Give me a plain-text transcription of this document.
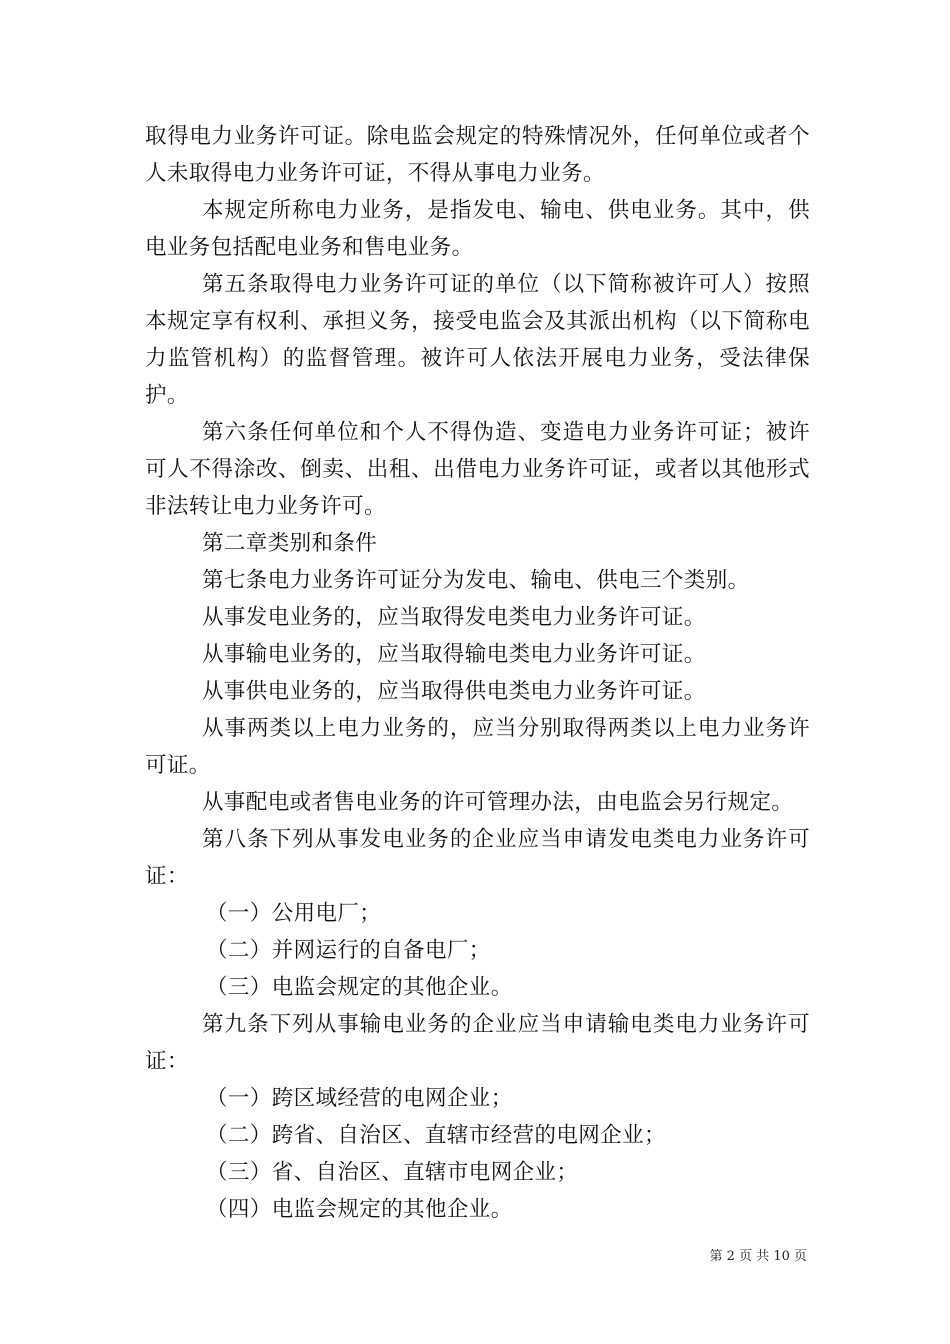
取得电力业务许可证。除电监会规定的特殊情况外，任何单位或者个人未取得电力业务许可证，不得从事电力业务。

本规定所称电力业务，是指发电、输电、供电业务。其中，供电业务包括配电业务和售电业务。

第五条取得电力业务许可证的单位（以下简称被许可人）按照本规定享有权利、承担义务，接受电监会及其派出机构（以下简称电力监管机构）的监督管理。被许可人依法开展电力业务，受法律保护。

第六条任何单位和个人不得伪造、变造电力业务许可证；被许可人不得涂改、倒卖、出租、出借电力业务许可证，或者以其他形式非法转让电力业务许可。

第二章类别和条件

第七条电力业务许可证分为发电、输电、供电三个类别。

从事发电业务的，应当取得发电类电力业务许可证。

从事输电业务的，应当取得输电类电力业务许可证。

从事供电业务的，应当取得供电类电力业务许可证。

从事两类以上电力业务的，应当分别取得两类以上电力业务许可证。

从事配电或者售电业务的许可管理办法，由电监会另行规定。

第八条下列从事发电业务的企业应当申请发电类电力业务许可证：

（一）公用电厂；

（二）并网运行的自备电厂；

（三）电监会规定的其他企业。

第九条下列从事输电业务的企业应当申请输电类电力业务许可证：

（一）跨区域经营的电网企业；

（二）跨省、自治区、直辖市经营的电网企业；

（三）省、自治区、直辖市电网企业；

（四）电监会规定的其他企业。

第 2 页 共 10 页
